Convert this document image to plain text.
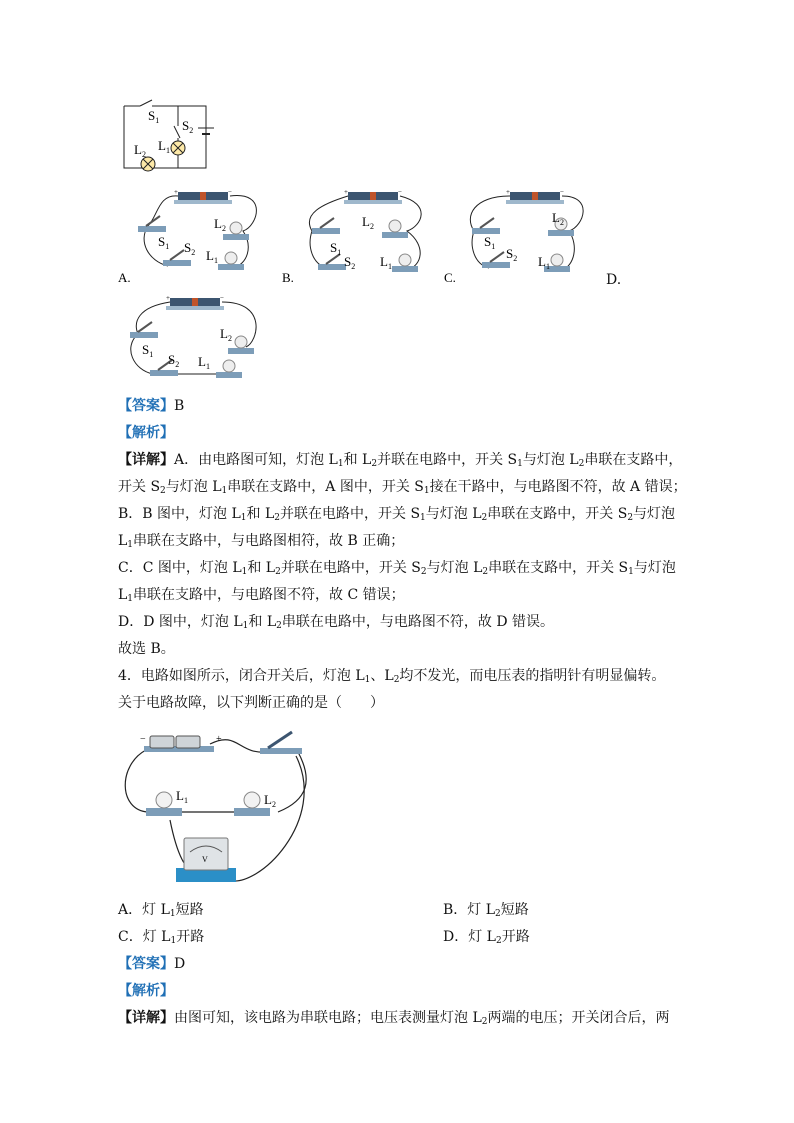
$S_1$ $S_2$
$L_1$
$L_2$
A.
+	−
$S_1$ $S_2$
$L_2$
$L_1$
B.
+	−
$S_1$
$S_2$
$L_2$
$L_1$
C.
+	−
$S_1$ $S_2$
$L_2$
$L_1$
D.
+	−
$S_1$ $S_2$
$L_2$
$L_1$
【答案】B
【解析】
【详解】A．由电路图可知，灯泡 $L_1$和 $L_2$并联在电路中，开关 $S_1$与灯泡 $L_2$串联在支路中，
开关 $S_2$与灯泡 $L_1$串联在支路中，A 图中，开关 $S_1$接在干路中，与电路图不符，故 A 错误；
B．B 图中，灯泡 $L_1$和 $L_2$并联在电路中，开关 $S_1$与灯泡 $L_2$串联在支路中，开关 $S_2$与灯泡
$L_1$串联在支路中，与电路图相符，故 B 正确；
C．C 图中，灯泡 $L_1$和 $L_2$并联在电路中，开关 $S_2$与灯泡 $L_2$串联在支路中，开关 $S_1$与灯泡
$L_1$串联在支路中，与电路图不符，故 C 错误；
D．D 图中，灯泡 $L_1$和 $L_2$串联在电路中，与电路图不符，故 D 错误。
故选 B。
4．电路如图所示，闭合开关后，灯泡 $L_1$、$L_2$均不发光，而电压表的指明针有明显偏转。
关于电路故障，以下判断正确的是（　　）
−	+
$L_1$	$L_2$
V
A．灯 $L_1$短路	B．灯 $L_2$短路
C．灯 $L_1$开路	D．灯 $L_2$开路
【答案】D
【解析】
【详解】由图可知，该电路为串联电路；电压表测量灯泡 $L_2$两端的电压；开关闭合后，两
